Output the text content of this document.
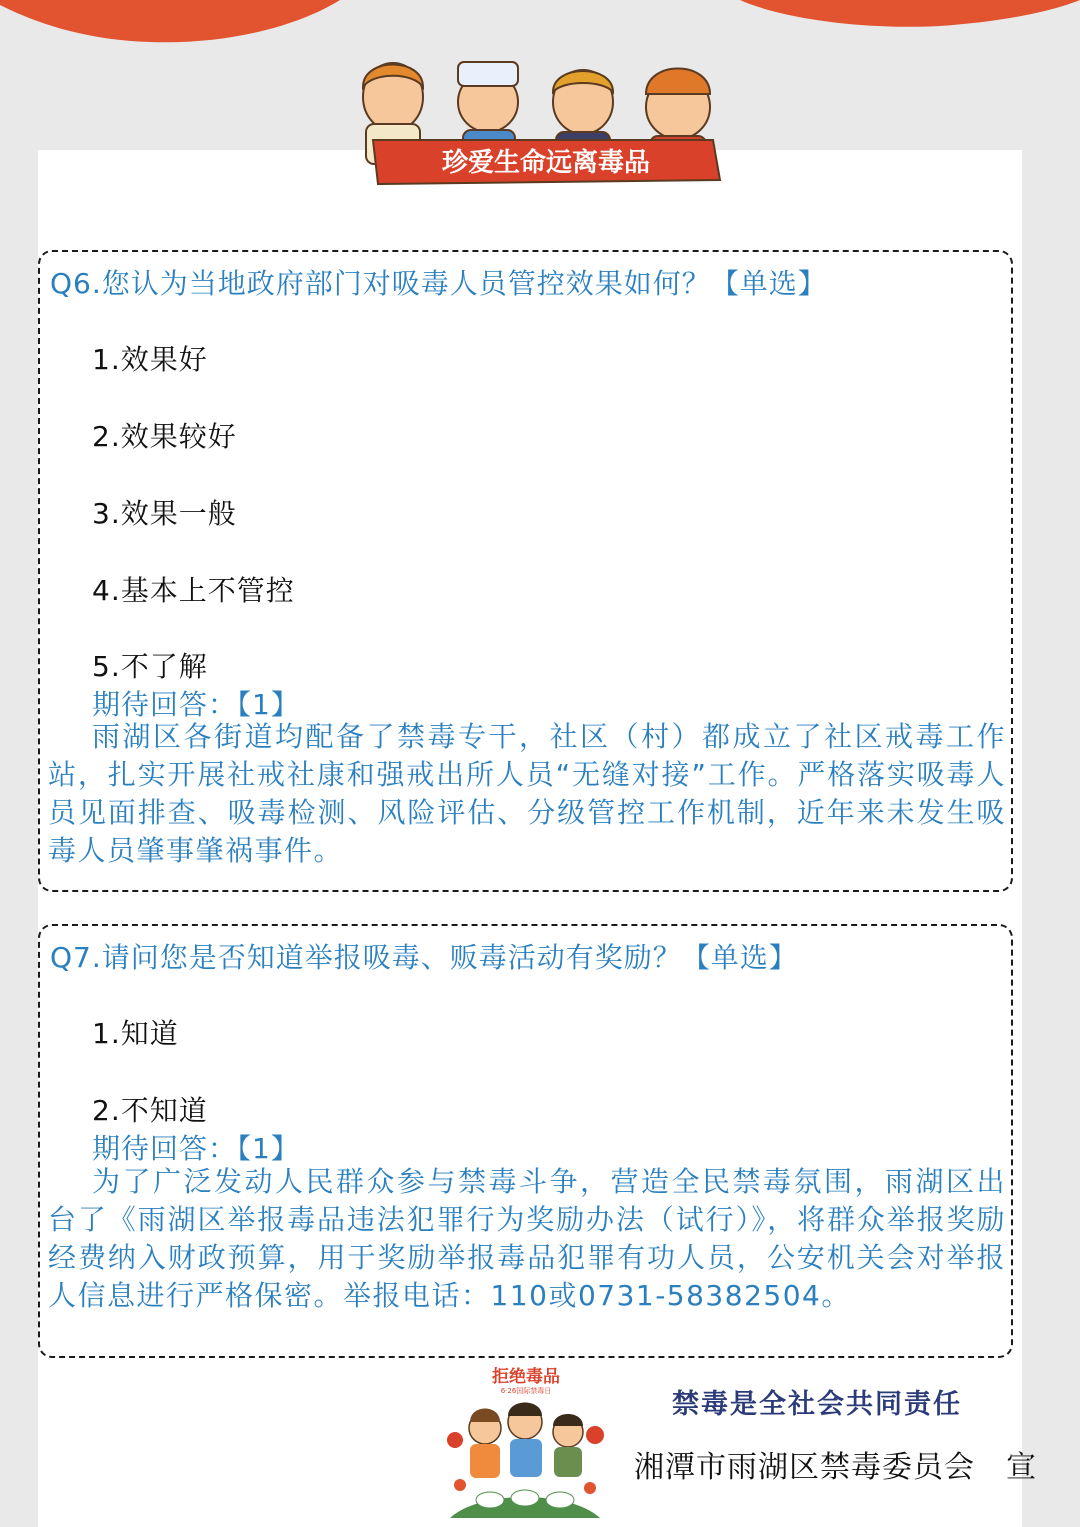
珍爱生命远离毒品
Q6.您认为当地政府部门对吸毒人员管控效果如何？【单选】
1.效果好
2.效果较好
3.效果一般
4.基本上不管控
5.不了解
期待回答：【1】
雨湖区各街道均配备了禁毒专干，社区（村）都成立了社区戒毒工作站，扎实开展社戒社康和强戒出所人员“无缝对接”工作。严格落实吸毒人员见面排查、吸毒检测、风险评估、分级管控工作机制，近年来未发生吸毒人员肇事肇祸事件。
Q7.请问您是否知道举报吸毒、贩毒活动有奖励？【单选】
1.知道
2.不知道
期待回答：【1】
为了广泛发动人民群众参与禁毒斗争，营造全民禁毒氛围，雨湖区出台了《雨湖区举报毒品违法犯罪行为奖励办法（试行）》，将群众举报奖励经费纳入财政预算，用于奖励举报毒品犯罪有功人员，公安机关会对举报人信息进行严格保密。举报电话：110或0731-58382504。
拒绝毒品
6·26国际禁毒日	禁毒是全社会共同责任
湘潭市雨湖区禁毒委员会　宣
